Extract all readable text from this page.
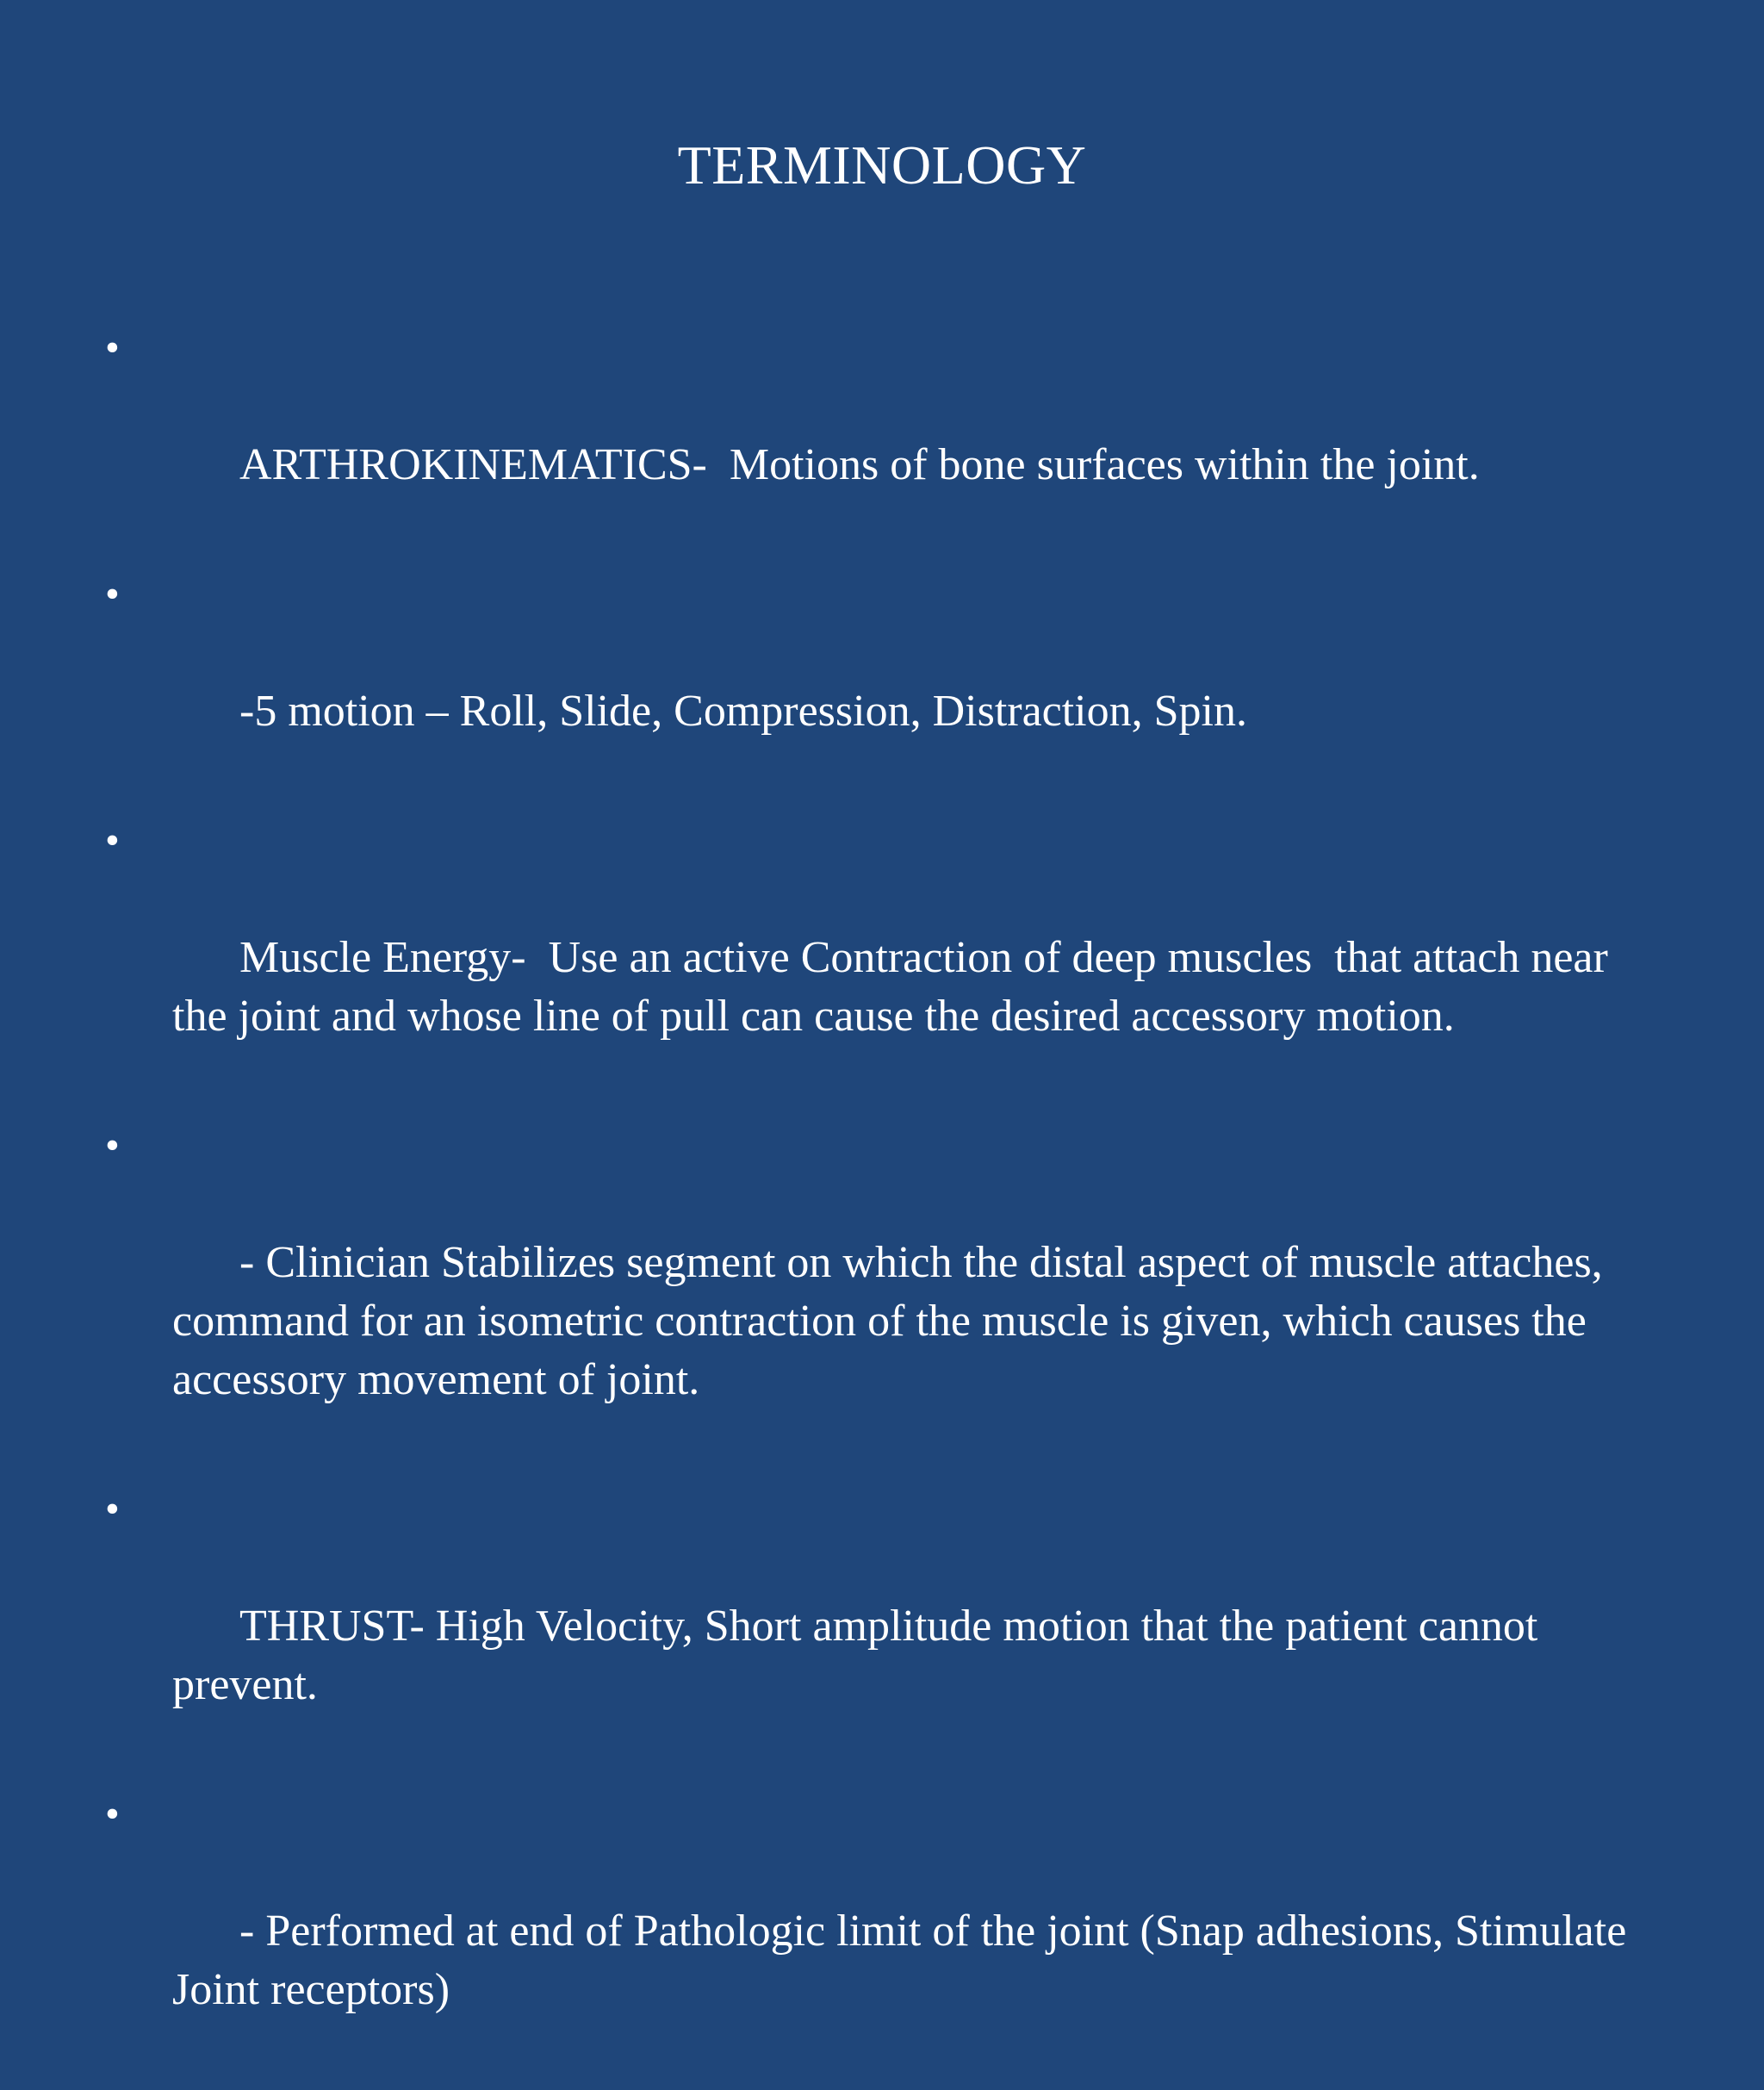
TERMINOLOGY

•

ARTHROKINEMATICS-  Motions of bone surfaces within the joint.

•

-5 motion – Roll, Slide, Compression, Distraction, Spin.

•

Muscle Energy-  Use an active Contraction of deep muscles  that attach near the joint and whose line of pull can cause the desired accessory motion.

•

- Clinician Stabilizes segment on which the distal aspect of muscle attaches, command for an isometric contraction of the muscle is given, which causes the accessory movement of joint.

•

THRUST- High Velocity, Short amplitude motion that the patient cannot prevent.

•

- Performed at end of Pathologic limit of the joint (Snap adhesions, Stimulate Joint receptors)
